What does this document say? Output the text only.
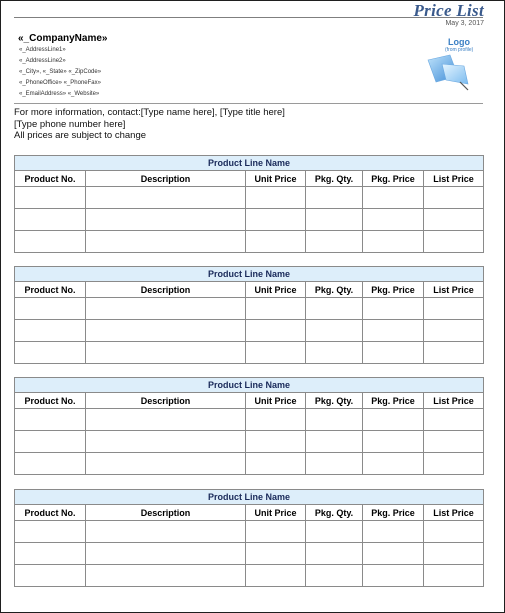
Price List
May 3, 2017
«_CompanyName»
«_AddressLine1»
«_AddressLine2»
«_City», «_State» «_ZipCode»
«_PhoneOffice» «_PhoneFax»
«_EmailAddress» «_Website»
Logo
(from profile)
For more information, contact:[Type name here], [Type title here]
[Type phone number here]
All prices are subject to change
Product Line Name					
Product No.	Description	Unit Price	Pkg. Qty.	Pkg. Price	List Price

Product Line Name					
Product No.	Description	Unit Price	Pkg. Qty.	Pkg. Price	List Price

Product Line Name					
Product No.	Description	Unit Price	Pkg. Qty.	Pkg. Price	List Price

Product Line Name					
Product No.	Description	Unit Price	Pkg. Qty.	Pkg. Price	List Price
